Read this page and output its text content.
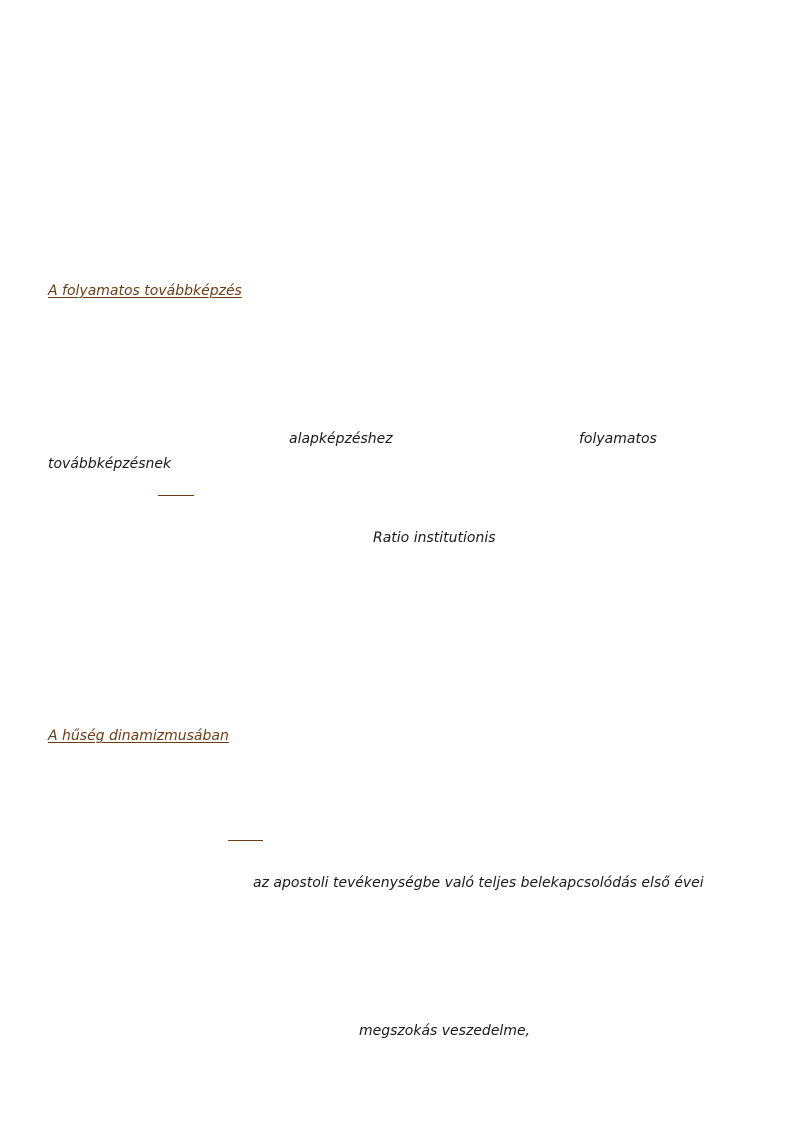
A folyamatos továbbképzés
alapképzéshez	folyamatos
továbbképzésnek
Ratio institutionis
A hűség dinamizmusában
az apostoli tevékenységbe való teljes belekapcsolódás első évei
megszokás veszedelme,
